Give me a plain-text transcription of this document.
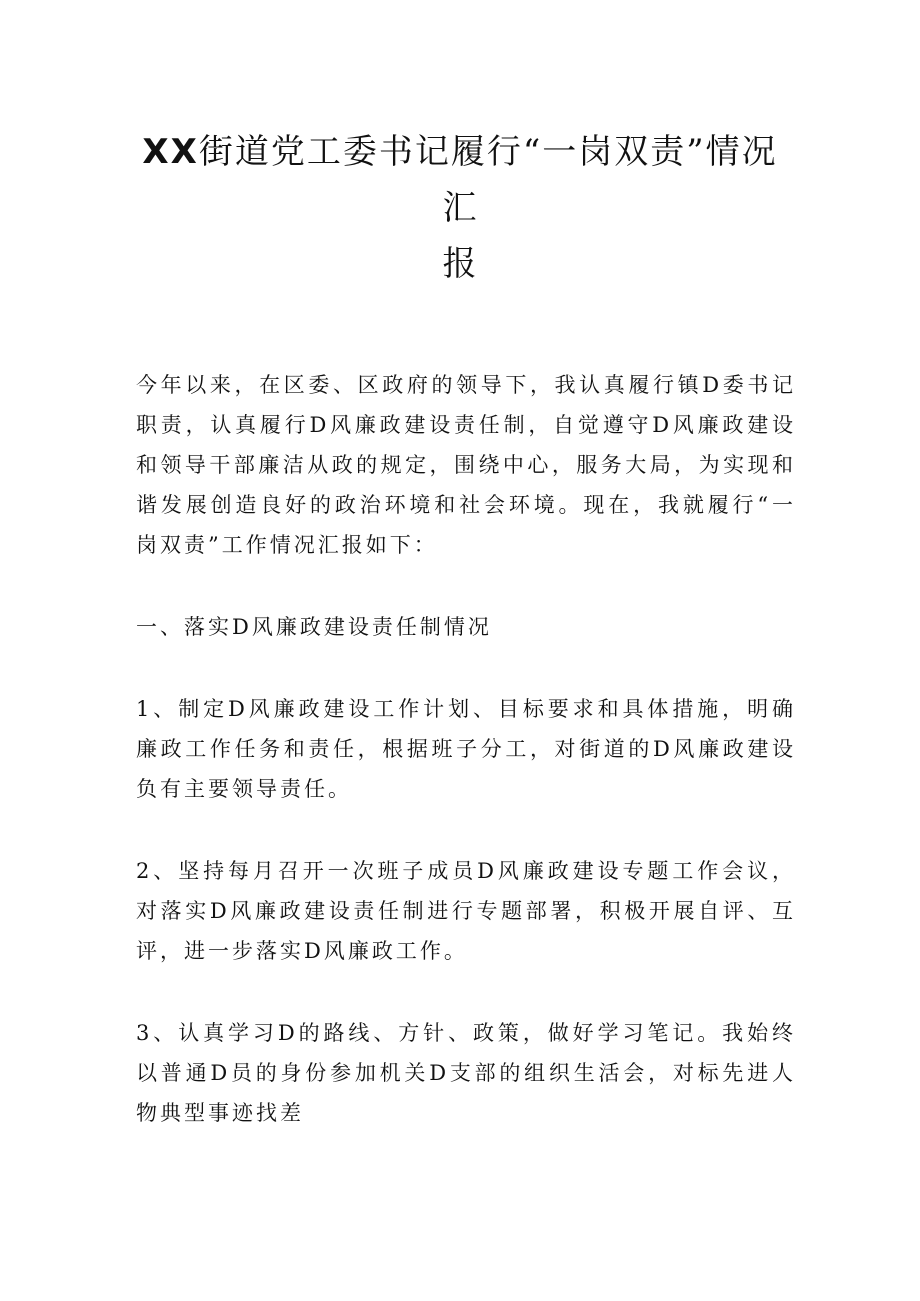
XX街道党工委书记履行“一岗双责”情况
汇
报

今年以来，在区委、区政府的领导下，我认真履行镇D委书记职责，认真履行D风廉政建设责任制，自觉遵守D风廉政建设和领导干部廉洁从政的规定，围绕中心，服务大局，为实现和谐发展创造良好的政治环境和社会环境。现在，我就履行“一岗双责”工作情况汇报如下：

一、落实D风廉政建设责任制情况

1、制定D风廉政建设工作计划、目标要求和具体措施，明确廉政工作任务和责任，根据班子分工，对街道的D风廉政建设负有主要领导责任。

2、坚持每月召开一次班子成员D风廉政建设专题工作会议，对落实D风廉政建设责任制进行专题部署，积极开展自评、互评，进一步落实D风廉政工作。

3、认真学习D的路线、方针、政策，做好学习笔记。我始终以普通D员的身份参加机关D支部的组织生活会，对标先进人物典型事迹找差
